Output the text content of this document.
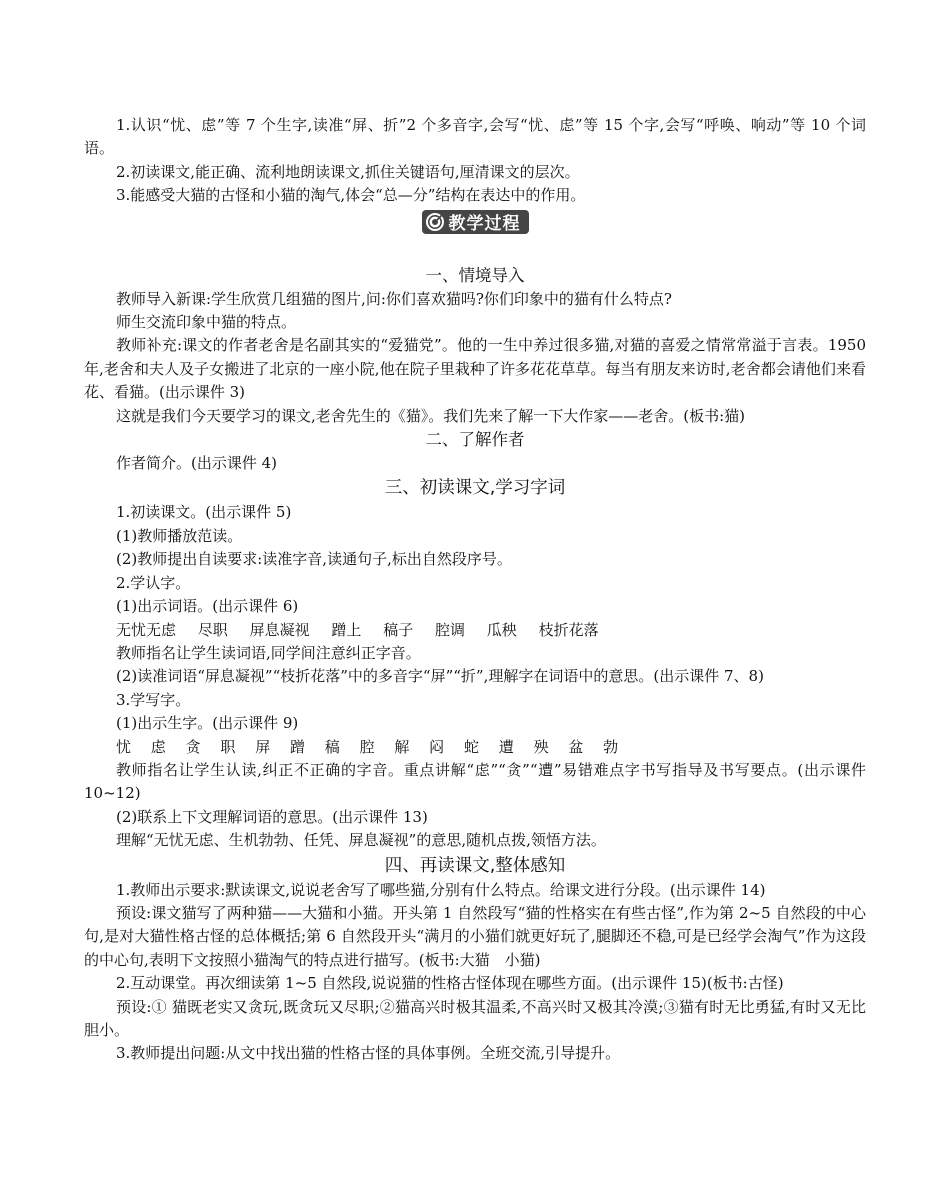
1.认识“忧、虑”等 7 个生字,读准“屏、折”2 个多音字,会写“忧、虑”等 15 个字,会写“呼唤、响动”等 10 个词语。

2.初读课文,能正确、流利地朗读课文,抓住关键语句,厘清课文的层次。

3.能感受大猫的古怪和小猫的淘气,体会“总—分”结构在表达中的作用。

教学过程

一、情境导入

教师导入新课:学生欣赏几组猫的图片,问:你们喜欢猫吗?你们印象中的猫有什么特点?

师生交流印象中猫的特点。

教师补充:课文的作者老舍是名副其实的“爱猫党”。他的一生中养过很多猫,对猫的喜爱之情常常溢于言表。1950 年,老舍和夫人及子女搬进了北京的一座小院,他在院子里栽种了许多花花草草。每当有朋友来访时,老舍都会请他们来看花、看猫。(出示课件 3)

这就是我们今天要学习的课文,老舍先生的《猫》。我们先来了解一下大作家——老舍。(板书:猫)

二、了解作者

作者简介。(出示课件 4)

三、初读课文,学习字词

1.初读课文。(出示课件 5)

(1)教师播放范读。

(2)教师提出自读要求:读准字音,读通句子,标出自然段序号。

2.学认字。

(1)出示词语。(出示课件 6)

无忧无虑 尽职 屏息凝视 蹭上 稿子 腔调 瓜秧 枝折花落

教师指名让学生读词语,同学间注意纠正字音。

(2)读准词语“屏息凝视”“枝折花落”中的多音字“屏”“折”,理解字在词语中的意思。(出示课件 7、8)

3.学写字。

(1)出示生字。(出示课件 9)

忧 虑 贪 职 屏 蹭 稿 腔 解 闷 蛇 遭 殃 盆 勃

教师指名让学生认读,纠正不正确的字音。重点讲解“虑”“贪”“遭”易错难点字书写指导及书写要点。(出示课件 10~12)

(2)联系上下文理解词语的意思。(出示课件 13)

理解“无忧无虑、生机勃勃、任凭、屏息凝视”的意思,随机点拨,领悟方法。

四、再读课文,整体感知

1.教师出示要求:默读课文,说说老舍写了哪些猫,分别有什么特点。给课文进行分段。(出示课件 14)

预设:课文猫写了两种猫——大猫和小猫。开头第 1 自然段写“猫的性格实在有些古怪”,作为第 2~5 自然段的中心句,是对大猫性格古怪的总体概括;第 6 自然段开头“满月的小猫们就更好玩了,腿脚还不稳,可是已经学会淘气”作为这段的中心句,表明下文按照小猫淘气的特点进行描写。(板书:大猫　小猫)

2.互动课堂。再次细读第 1~5 自然段,说说猫的性格古怪体现在哪些方面。(出示课件 15)(板书:古怪)

预设:① 猫既老实又贪玩,既贪玩又尽职;②猫高兴时极其温柔,不高兴时又极其冷漠;③猫有时无比勇猛,有时又无比胆小。

3.教师提出问题:从文中找出猫的性格古怪的具体事例。全班交流,引导提升。
